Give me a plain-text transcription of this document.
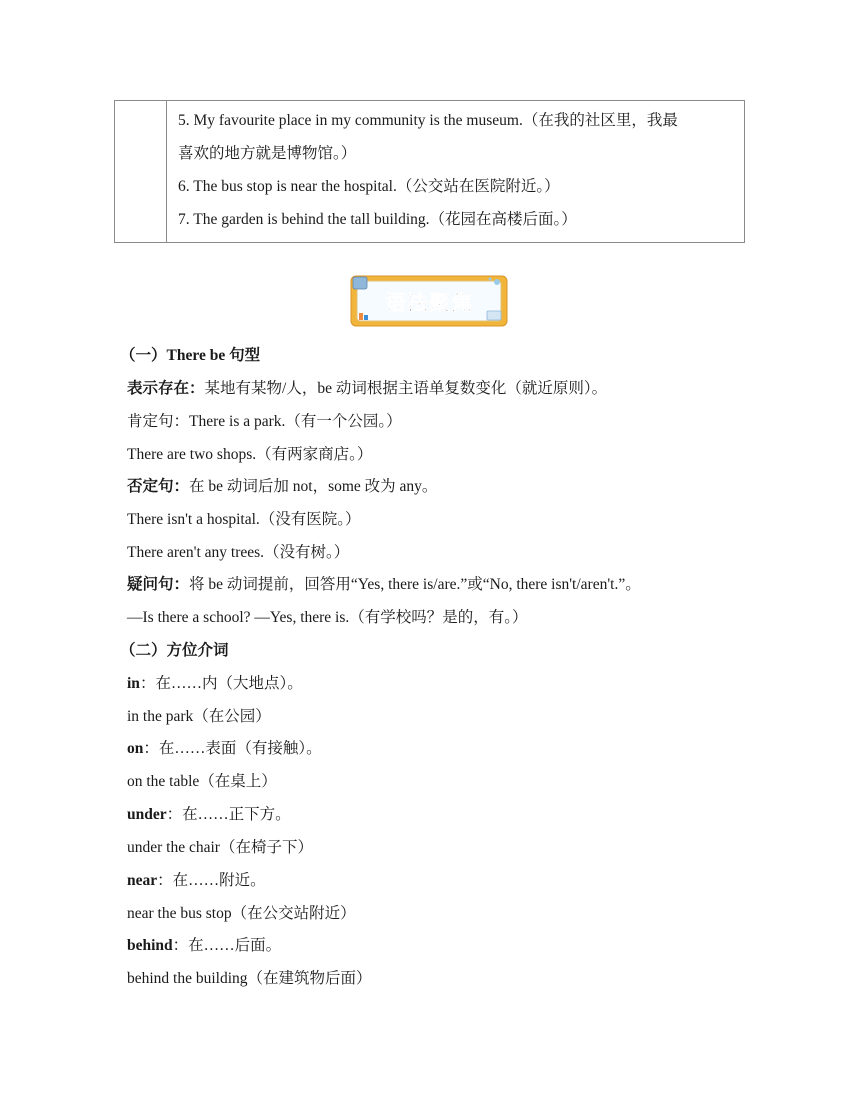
5. My favourite place in my community is the museum.（在我的社区里，我最
喜欢的地方就是博物馆。）
6. The bus stop is near the hospital.（公交站在医院附近。）
7. The garden is behind the tall building.（花园在高楼后面。）
语法聚焦
（一）There be 句型
表示存在：某地有某物/人，be 动词根据主语单复数变化（就近原则）。
肯定句：There is a park.（有一个公园。）
There are two shops.（有两家商店。）
否定句：在 be 动词后加 not，some 改为 any。
There isn't a hospital.（没有医院。）
There aren't any trees.（没有树。）
疑问句：将 be 动词提前，回答用“Yes, there is/are.”或“No, there isn't/aren't.”。
—Is there a school? —Yes, there is.（有学校吗？是的，有。）
（二）方位介词
in：在……内（大地点）。
in the park（在公园）
on：在……表面（有接触）。
on the table（在桌上）
under：在……正下方。
under the chair（在椅子下）
near：在……附近。
near the bus stop（在公交站附近）
behind：在……后面。
behind the building（在建筑物后面）
